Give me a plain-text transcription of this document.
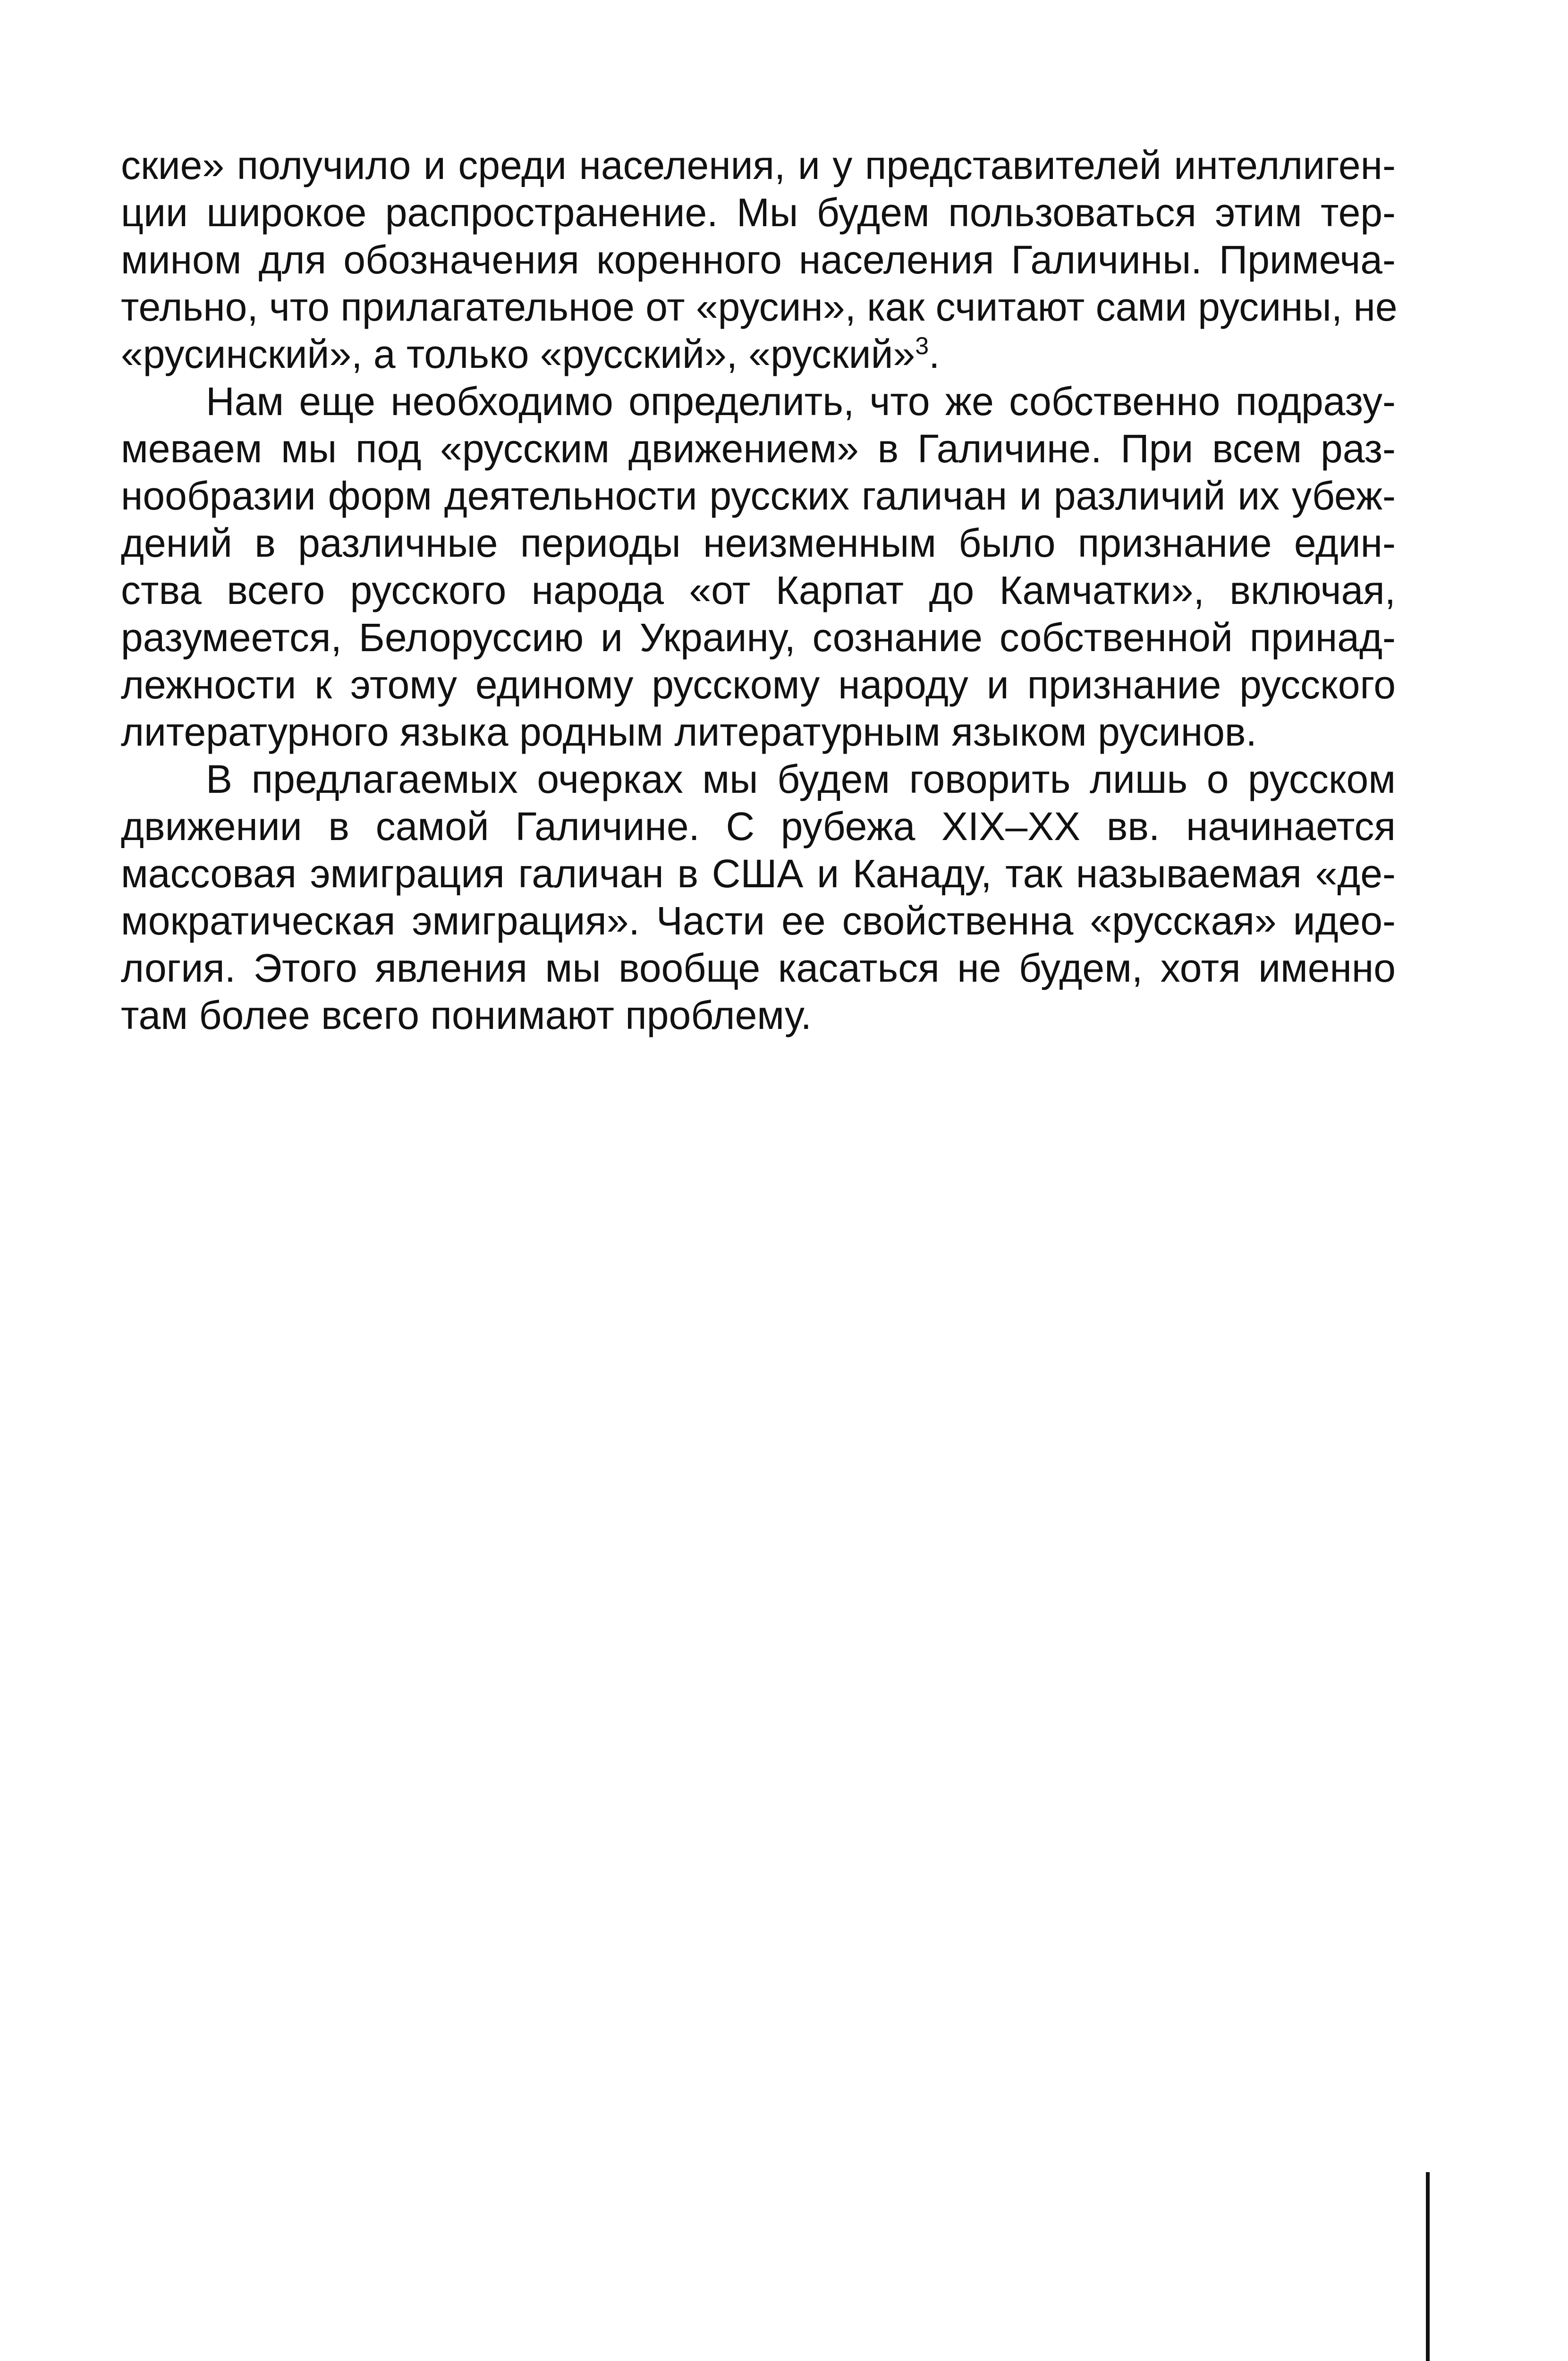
ские» получило и среди населения, и у представителей интеллиген-
ции широкое распространение. Мы будем пользоваться этим тер-
мином для обозначения коренного населения Галичины. Примеча-
тельно, что прилагательное от «русин», как считают сами русины, не
«русинский», а только «русский», «руский»$^3$.
Нам еще необходимо определить, что же собственно подразу-
меваем мы под «русским движением» в Галичине. При всем раз-
нообразии форм деятельности русских галичан и различий их убеж-
дений в различные периоды неизменным было признание един-
ства всего русского народа «от Карпат до Камчатки», включая,
разумеется, Белоруссию и Украину, сознание собственной принад-
лежности к этому единому русскому народу и признание русского
литературного языка родным литературным языком русинов.
В предлагаемых очерках мы будем говорить лишь о русском
движении в самой Галичине. С рубежа XIX–XX вв. начинается
массовая эмиграция галичан в США и Канаду, так называемая «де-
мократическая эмиграция». Части ее свойственна «русская» идео-
логия. Этого явления мы вообще касаться не будем, хотя именно
там более всего понимают проблему.
